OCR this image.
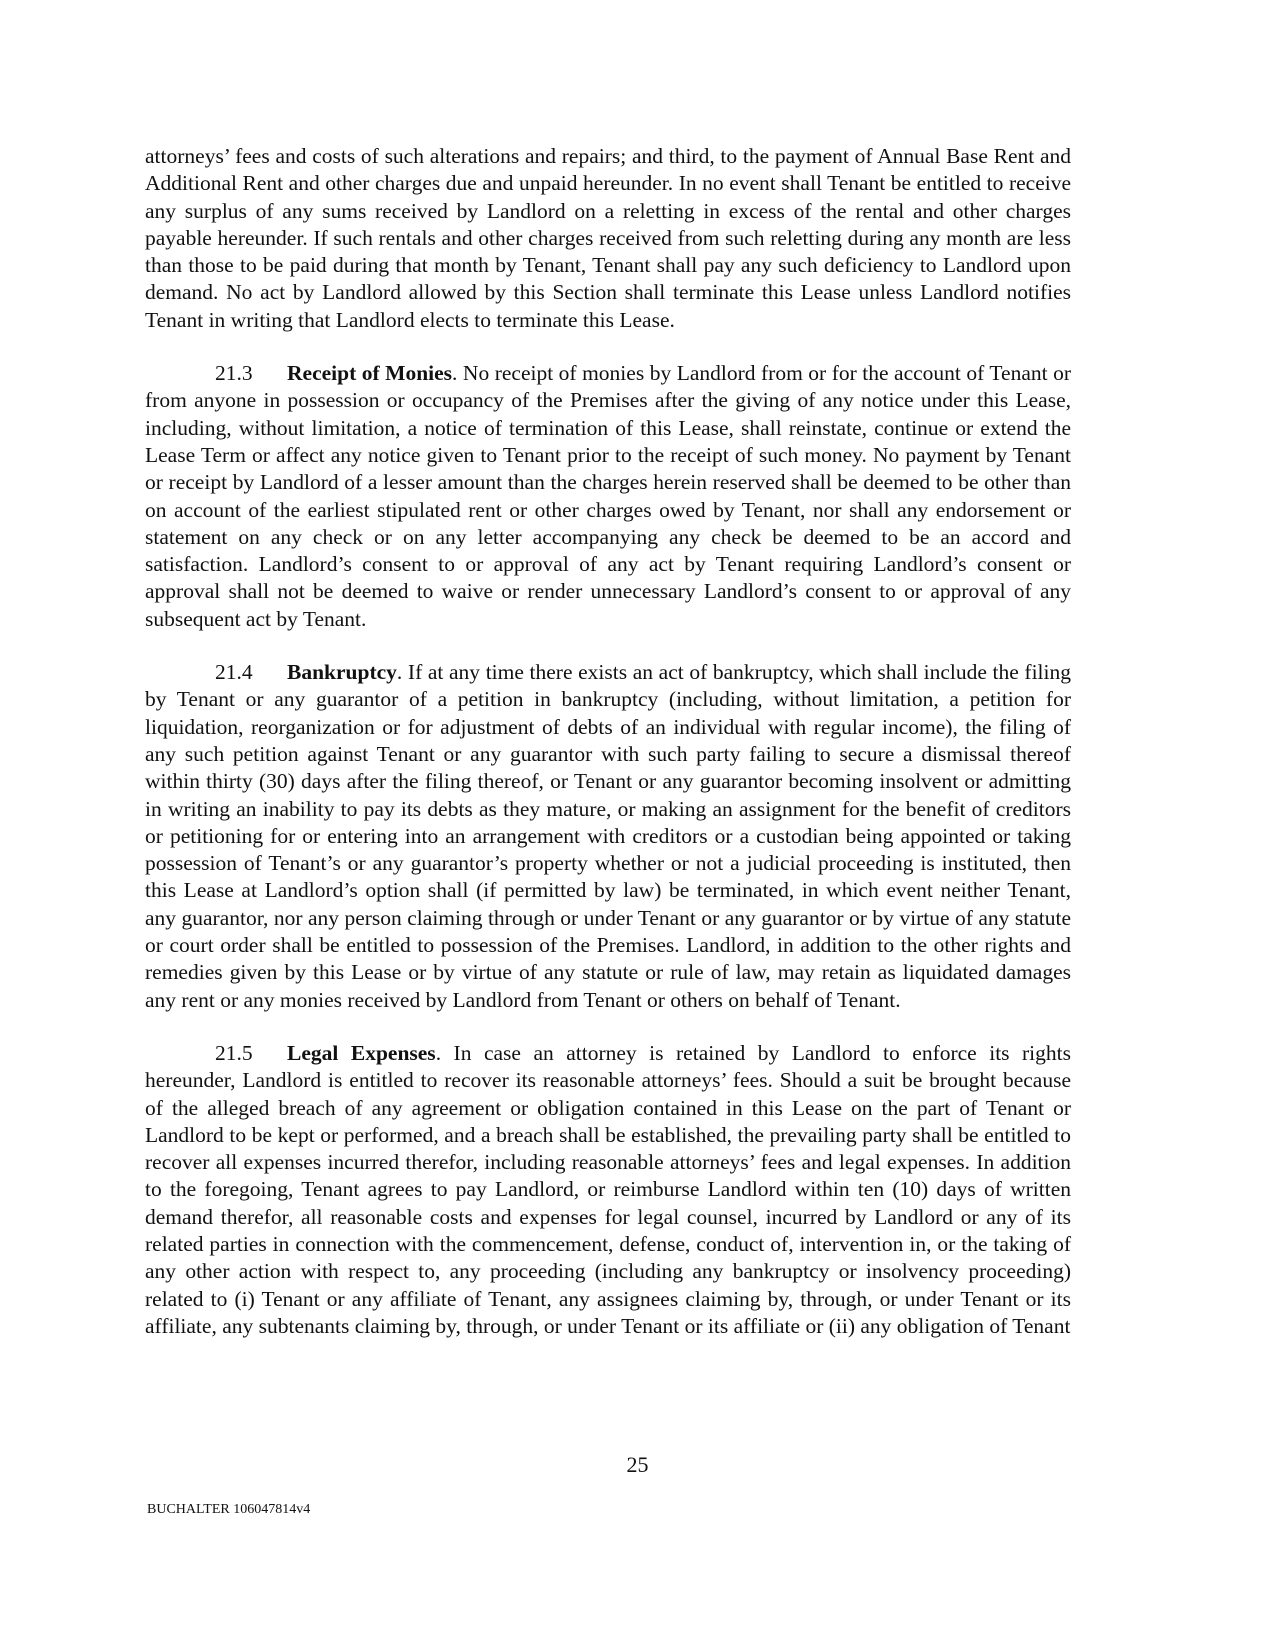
attorneys’ fees and costs of such alterations and repairs; and third, to the payment of Annual Base Rent and Additional Rent and other charges due and unpaid hereunder. In no event shall Tenant be entitled to receive any surplus of any sums received by Landlord on a reletting in excess of the rental and other charges payable hereunder. If such rentals and other charges received from such reletting during any month are less than those to be paid during that month by Tenant, Tenant shall pay any such deficiency to Landlord upon demand. No act by Landlord allowed by this Section shall terminate this Lease unless Landlord notifies Tenant in writing that Landlord elects to terminate this Lease.

21.3 Receipt of Monies. No receipt of monies by Landlord from or for the account of Tenant or from anyone in possession or occupancy of the Premises after the giving of any notice under this Lease, including, without limitation, a notice of termination of this Lease, shall reinstate, continue or extend the Lease Term or affect any notice given to Tenant prior to the receipt of such money. No payment by Tenant or receipt by Landlord of a lesser amount than the charges herein reserved shall be deemed to be other than on account of the earliest stipulated rent or other charges owed by Tenant, nor shall any endorsement or statement on any check or on any letter accompanying any check be deemed to be an accord and satisfaction. Landlord’s consent to or approval of any act by Tenant requiring Landlord’s consent or approval shall not be deemed to waive or render unnecessary Landlord’s consent to or approval of any subsequent act by Tenant.

21.4 Bankruptcy. If at any time there exists an act of bankruptcy, which shall include the filing by Tenant or any guarantor of a petition in bankruptcy (including, without limitation, a petition for liquidation, reorganization or for adjustment of debts of an individual with regular income), the filing of any such petition against Tenant or any guarantor with such party failing to secure a dismissal thereof within thirty (30) days after the filing thereof, or Tenant or any guarantor becoming insolvent or admitting in writing an inability to pay its debts as they mature, or making an assignment for the benefit of creditors or petitioning for or entering into an arrangement with creditors or a custodian being appointed or taking possession of Tenant’s or any guarantor’s property whether or not a judicial proceeding is instituted, then this Lease at Landlord’s option shall (if permitted by law) be terminated, in which event neither Tenant, any guarantor, nor any person claiming through or under Tenant or any guarantor or by virtue of any statute or court order shall be entitled to possession of the Premises. Landlord, in addition to the other rights and remedies given by this Lease or by virtue of any statute or rule of law, may retain as liquidated damages any rent or any monies received by Landlord from Tenant or others on behalf of Tenant.

21.5 Legal Expenses. In case an attorney is retained by Landlord to enforce its rights hereunder, Landlord is entitled to recover its reasonable attorneys’ fees. Should a suit be brought because of the alleged breach of any agreement or obligation contained in this Lease on the part of Tenant or Landlord to be kept or performed, and a breach shall be established, the prevailing party shall be entitled to recover all expenses incurred therefor, including reasonable attorneys’ fees and legal expenses. In addition to the foregoing, Tenant agrees to pay Landlord, or reimburse Landlord within ten (10) days of written demand therefor, all reasonable costs and expenses for legal counsel, incurred by Landlord or any of its related parties in connection with the commencement, defense, conduct of, intervention in, or the taking of any other action with respect to, any proceeding (including any bankruptcy or insolvency proceeding) related to (i) Tenant or any affiliate of Tenant, any assignees claiming by, through, or under Tenant or its affiliate, any subtenants claiming by, through, or under Tenant or its affiliate or (ii) any obligation of Tenant

25
BUCHALTER 106047814v4
